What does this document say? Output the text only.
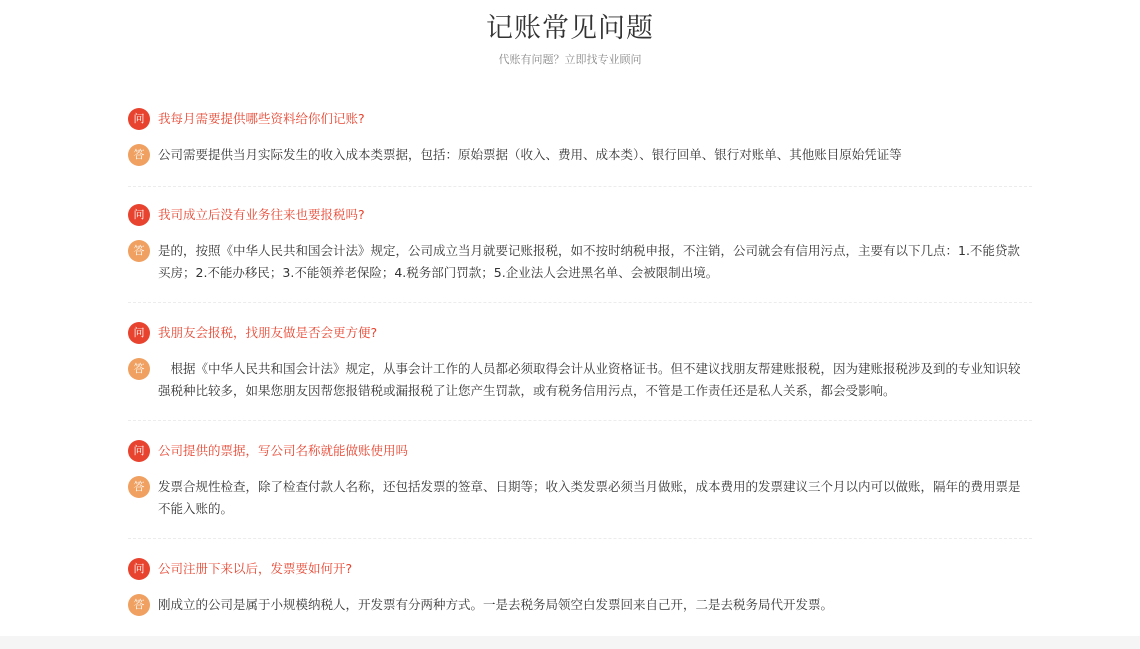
记账常见问题
代账有问题？立即找专业顾问
问	我每月需要提供哪些资料给你们记账?
答	公司需要提供当月实际发生的收入成本类票据，包括：原始票据（收入、费用、成本类）、银行回单、银行对账单、其他账目原始凭证等
问	我司成立后没有业务往来也要报税吗?
答	是的，按照《中华人民共和国会计法》规定，公司成立当月就要记账报税，如不按时纳税申报，不注销，公司就会有信用污点，主要有以下几点：1.不能贷款买房；2.不能办移民；3.不能领养老保险；4.税务部门罚款；5.企业法人会进黑名单、会被限制出境。
问	我朋友会报税，找朋友做是否会更方便?
答	　根据《中华人民共和国会计法》规定，从事会计工作的人员都必须取得会计从业资格证书。但不建议找朋友帮建账报税，因为建账报税涉及到的专业知识较强税种比较多，如果您朋友因帮您报错税或漏报税了让您产生罚款，或有税务信用污点，不管是工作责任还是私人关系，都会受影响。
问	公司提供的票据，写公司名称就能做账使用吗
答	发票合规性检查，除了检查付款人名称，还包括发票的签章、日期等；收入类发票必须当月做账，成本费用的发票建议三个月以内可以做账，隔年的费用票是不能入账的。
问	公司注册下来以后，发票要如何开?
答	刚成立的公司是属于小规模纳税人，开发票有分两种方式。一是去税务局领空白发票回来自己开，二是去税务局代开发票。
